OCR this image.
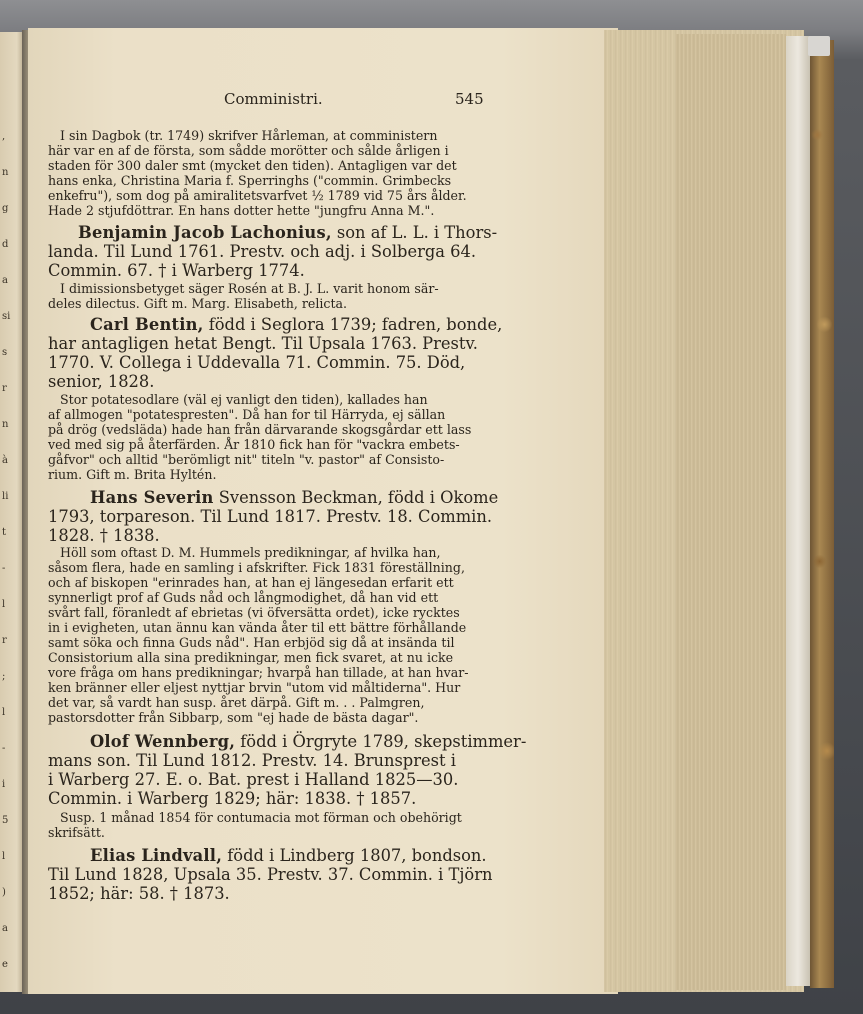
,
n
g
d
a
si
s
r
n
à
li
t
-
l
r
;
l
-
i
5
l
)
a
e
Comministri.	545
I sin Dagbok (tr. 1749) skrifver Hårleman, at comministern
här var en af de första, som sådde morötter och sålde årligen i
staden för 300 daler smt (mycket den tiden). Antagligen var det
hans enka, Christina Maria f. Sperringhs ("commin. Grimbecks
enkefru"), som dog på amiralitetsvarfvet ½ 1789 vid 75 års ålder.
Hade 2 stjufdöttrar. En hans dotter hette "jungfru Anna M.".
Benjamin Jacob Lachonius, son af L. L. i Thors-
landa. Til Lund 1761. Prestv. och adj. i Solberga 64.
Commin. 67. † i Warberg 1774.
I dimissionsbetyget säger Rosén at B. J. L. varit honom sär-
deles dilectus. Gift m. Marg. Elisabeth, relicta.
Carl Bentin, född i Seglora 1739; fadren, bonde,
har antagligen hetat Bengt. Til Upsala 1763. Prestv.
1770. V. Collega i Uddevalla 71. Commin. 75. Död,
senior, 1828.
Stor potatesodlare (väl ej vanligt den tiden), kallades han
af allmogen "potatespresten". Då han for til Härryda, ej sällan
på drög (vedsläda) hade han från därvarande skogsgårdar ett lass
ved med sig på återfärden. År 1810 fick han för "vackra embets-
gåfvor" och alltid "berömligt nit" titeln "v. pastor" af Consisto-
rium. Gift m. Brita Hyltén.
Hans Severin Svensson Beckman, född i Okome
1793, torpareson. Til Lund 1817. Prestv. 18. Commin.
1828. † 1838.
Höll som oftast D. M. Hummels predikningar, af hvilka han,
såsom flera, hade en samling i afskrifter. Fick 1831 föreställning,
och af biskopen "erinrades han, at han ej längesedan erfarit ett
synnerligt prof af Guds nåd och långmodighet, då han vid ett
svårt fall, föranledt af ebrietas (vi öfversätta ordet), icke rycktes
in i evigheten, utan ännu kan vända åter til ett bättre förhållande
samt söka och finna Guds nåd". Han erbjöd sig då at insända til
Consistorium alla sina predikningar, men fick svaret, at nu icke
vore fråga om hans predikningar; hvarpå han tillade, at han hvar-
ken bränner eller eljest nyttjar brvin "utom vid måltiderna". Hur
det var, så vardt han susp. året därpå. Gift m. . . Palmgren,
pastorsdotter från Sibbarp, som "ej hade de bästa dagar".
Olof Wennberg, född i Örgryte 1789, skepstimmer-
mans son. Til Lund 1812. Prestv. 14. Brunsprest i
i Warberg 27. E. o. Bat. prest i Halland 1825—30.
Commin. i Warberg 1829; här: 1838. † 1857.
Susp. 1 månad 1854 för contumacia mot förman och obehörigt
skrifsätt.
Elias Lindvall, född i Lindberg 1807, bondson.
Til Lund 1828, Upsala 35. Prestv. 37. Commin. i Tjörn
1852; här: 58. † 1873.
